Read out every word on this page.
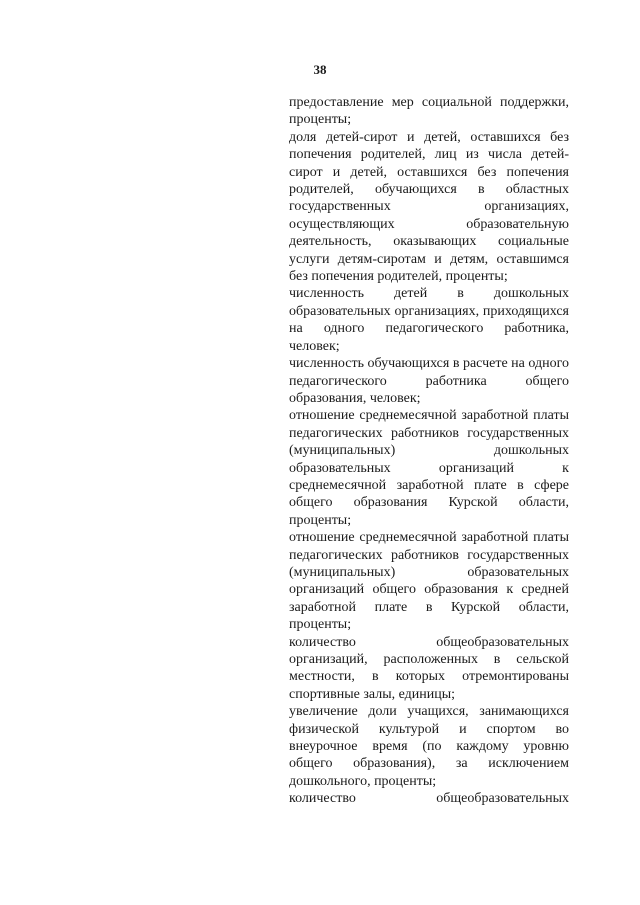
38

предоставление мер социальной поддержки, проценты;

доля детей-сирот и детей, оставшихся без попечения родителей, лиц из числа детей-сирот и детей, оставшихся без попечения родителей, обучающихся в областных государственных организациях, осуществляющих образовательную деятельность, оказывающих социальные услуги детям-сиротам и детям, оставшимся без попечения родителей, проценты;

численность детей в дошкольных образовательных организациях, приходящихся на одного педагогического работника, человек;

численность обучающихся в расчете на одного педагогического работника общего образования, человек;

отношение среднемесячной заработной платы педагогических работников государственных (муниципальных) дошкольных образовательных организаций к среднемесячной заработной плате в сфере общего образования Курской области, проценты;

отношение среднемесячной заработной платы педагогических работников государственных (муниципальных) образовательных организаций общего образования к средней заработной плате в Курской области, проценты;

количество общеобразовательных организаций, расположенных в сельской местности, в которых отремонтированы спортивные залы, единицы;

увеличение доли учащихся, занимающихся физической культурой и спортом во внеурочное время (по каждому уровню общего образования), за исключением дошкольного, проценты;

количество общеобразовательных
